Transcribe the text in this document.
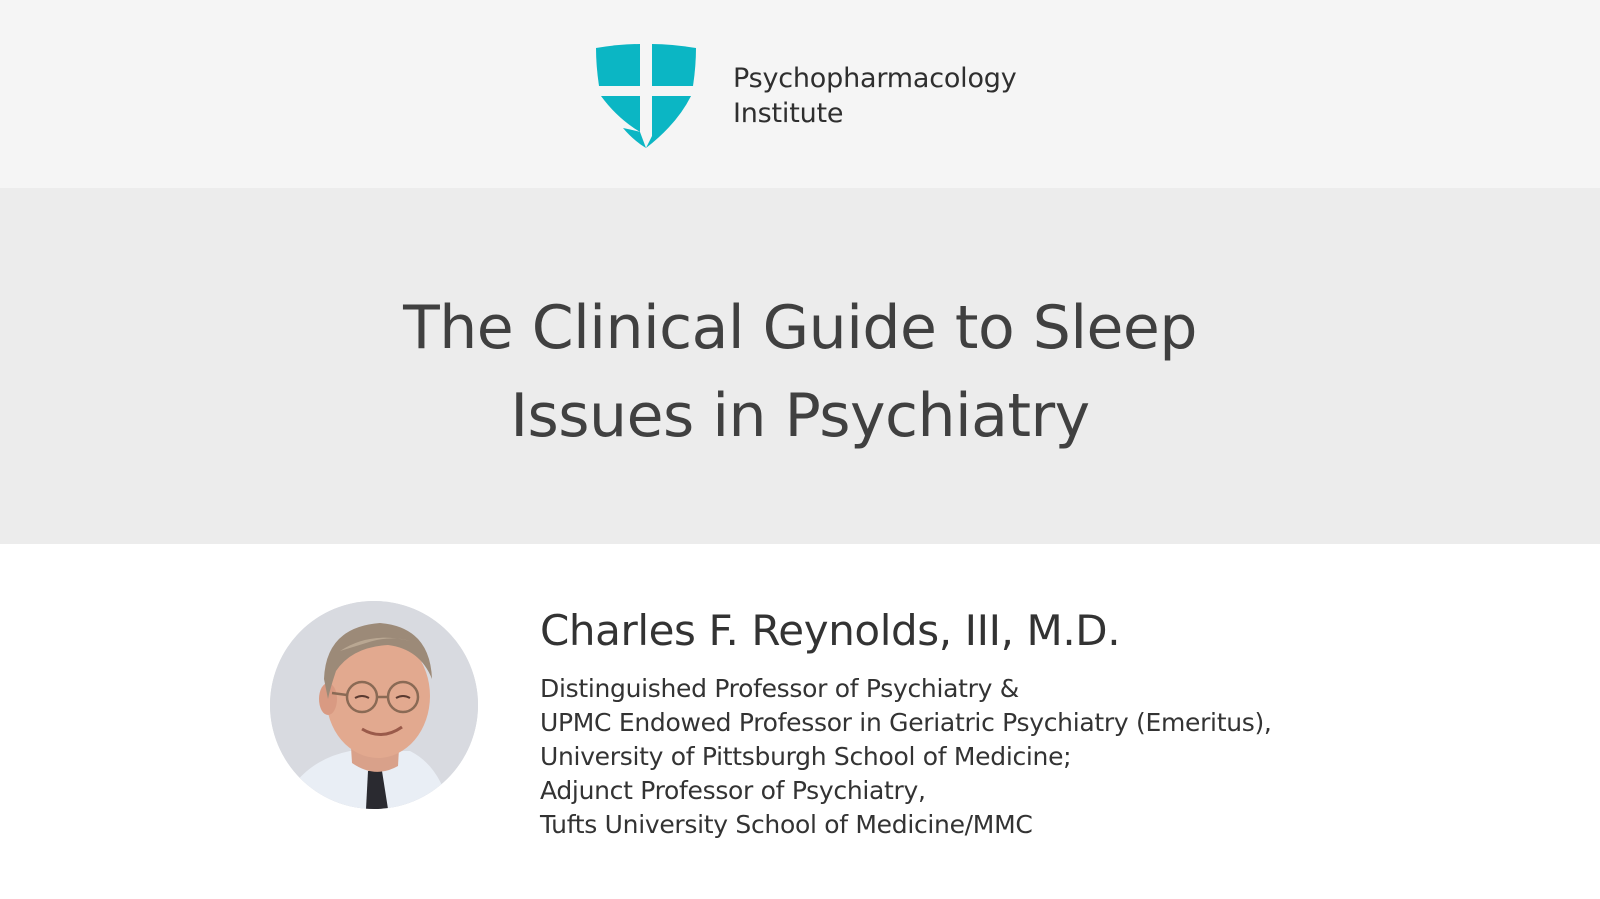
Psychopharmacology
Institute
The Clinical Guide to Sleep
Issues in Psychiatry
Charles F. Reynolds, III, M.D.
Distinguished Professor of Psychiatry &
UPMC Endowed Professor in Geriatric Psychiatry (Emeritus),
University of Pittsburgh School of Medicine;
Adjunct Professor of Psychiatry,
Tufts University School of Medicine/MMC
